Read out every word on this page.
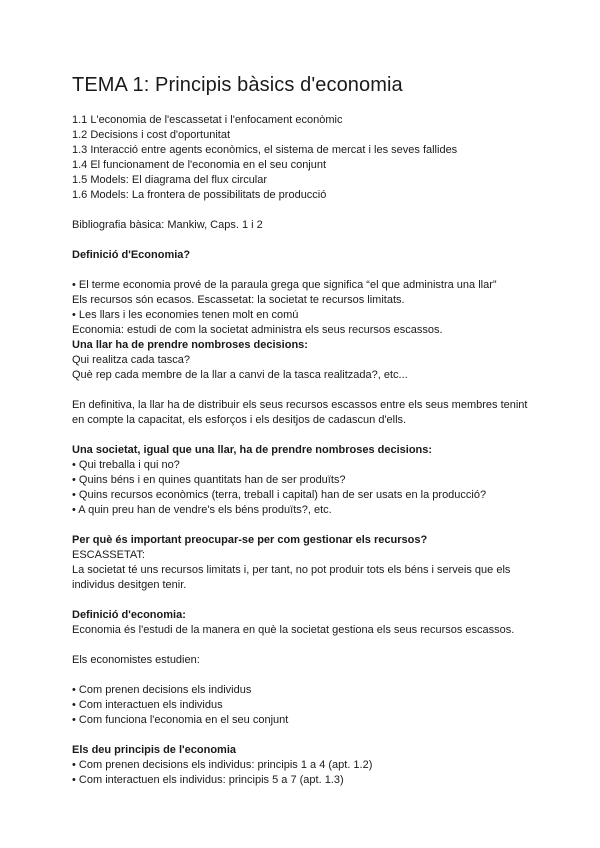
TEMA 1: Principis bàsics d'economia

1.1 L'economia de l'escassetat i l'enfocament econòmic

1.2 Decisions i cost d'oportunitat

1.3 Interacció entre agents econòmics, el sistema de mercat i les seves fallides

1.4 El funcionament de l'economia en el seu conjunt

1.5 Models: El diagrama del flux circular

1.6 Models: La frontera de possibilitats de producció

Bibliografia bàsica: Mankiw, Caps. 1 i 2

Definició d'Economia?

• El terme economia prové de la paraula grega que significa “el que administra una llar”

Els recursos són ecasos. Escassetat: la societat te recursos limitats.

• Les llars i les economies tenen molt en comú

Economia: estudi de com la societat administra els seus recursos escassos.

Una llar ha de prendre nombroses decisions:

Qui realitza cada tasca?

Què rep cada membre de la llar a canvi de la tasca realitzada?, etc...

En definitiva, la llar ha de distribuir els seus recursos escassos entre els seus membres tenint en compte la capacitat, els esforços i els desitjos de cadascun d'ells.

Una societat, igual que una llar, ha de prendre nombroses decisions:

• Qui treballa i qui no?

• Quins béns i en quines quantitats han de ser produïts?

• Quins recursos econòmics (terra, treball i capital) han de ser usats en la producció?

• A quin preu han de vendre's els béns produïts?, etc.

Per què és important preocupar-se per com gestionar els recursos?

ESCASSETAT:

La societat té uns recursos limitats i, per tant, no pot produir tots els béns i serveis que els individus desitgen tenir.

Definició d'economia:

Economia és l'estudi de la manera en què la societat gestiona els seus recursos escassos.

Els economistes estudien:

• Com prenen decisions els individus

• Com interactuen els individus

• Com funciona l'economia en el seu conjunt

Els deu principis de l'economia

• Com prenen decisions els individus: principis 1 a 4 (apt. 1.2)

• Com interactuen els individus: principis 5 a 7 (apt. 1.3)
